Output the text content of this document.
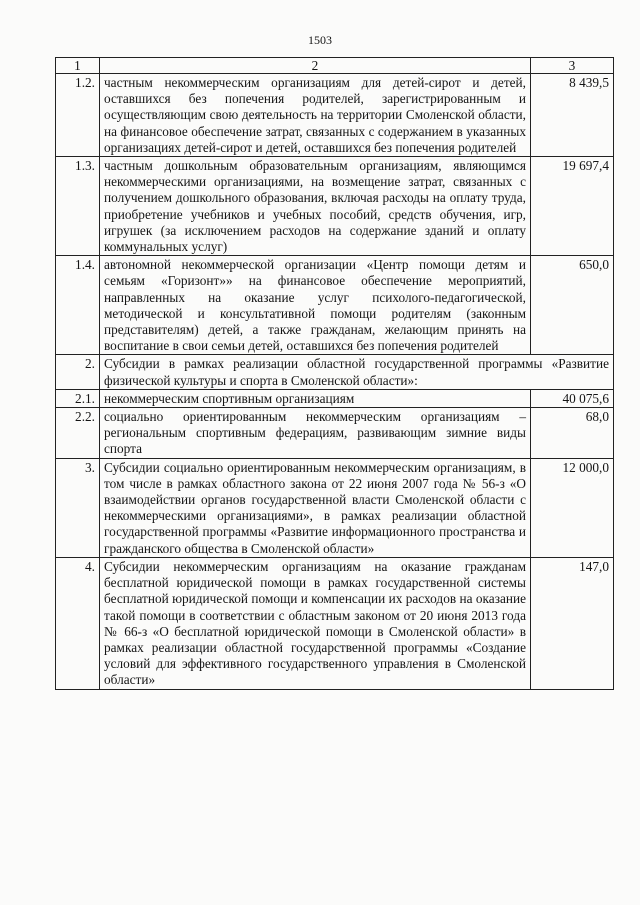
1503
1	2	3
1.2.	частным некоммерческим организациям для детей-сирот и детей, оставшихся без попечения родителей, зарегистрированным и осуществляющим свою деятельность на территории Смоленской области, на финансовое обеспечение затрат, связанных с содержанием в указанных организациях детей-сирот и детей, оставшихся без попечения родителей	8 439,5
1.3.	частным дошкольным образовательным организациям, являющимся некоммерческими организациями, на возмещение затрат, связанных с получением дошкольного образования, включая расходы на оплату труда, приобретение учебников и учебных пособий, средств обучения, игр, игрушек (за исключением расходов на содержание зданий и оплату коммунальных услуг)	19 697,4
1.4.	автономной некоммерческой организации «Центр помощи детям и семьям «Горизонт»» на финансовое обеспечение мероприятий, направленных на оказание услуг психолого-педагогической, методической и консультативной помощи родителям (законным представителям) детей, а также гражданам, желающим принять на воспитание в свои семьи детей, оставшихся без попечения родителей	650,0
2.	Субсидии в рамках реализации областной государственной программы «Развитие физической культуры и спорта в Смоленской области»:	
2.1.	некоммерческим спортивным организациям	40 075,6
2.2.	социально ориентированным некоммерческим организациям – региональным спортивным федерациям, развивающим зимние виды спорта	68,0
3.	Субсидии социально ориентированным некоммерческим организациям, в том числе в рамках областного закона от 22 июня 2007 года № 56-з «О взаимодействии органов государственной власти Смоленской области с некоммерческими организациями», в рамках реализации областной государственной программы «Развитие информационного пространства и гражданского общества в Смоленской области»	12 000,0
4.	Субсидии некоммерческим организациям на оказание гражданам бесплатной юридической помощи в рамках государственной системы бесплатной юридической помощи и компенсации их расходов на оказание такой помощи в соответствии с областным законом от 20 июня 2013 года № 66-з «О бесплатной юридической помощи в Смоленской области» в рамках реализации областной государственной программы «Создание условий для эффективного государственного управления в Смоленской области»	147,0
